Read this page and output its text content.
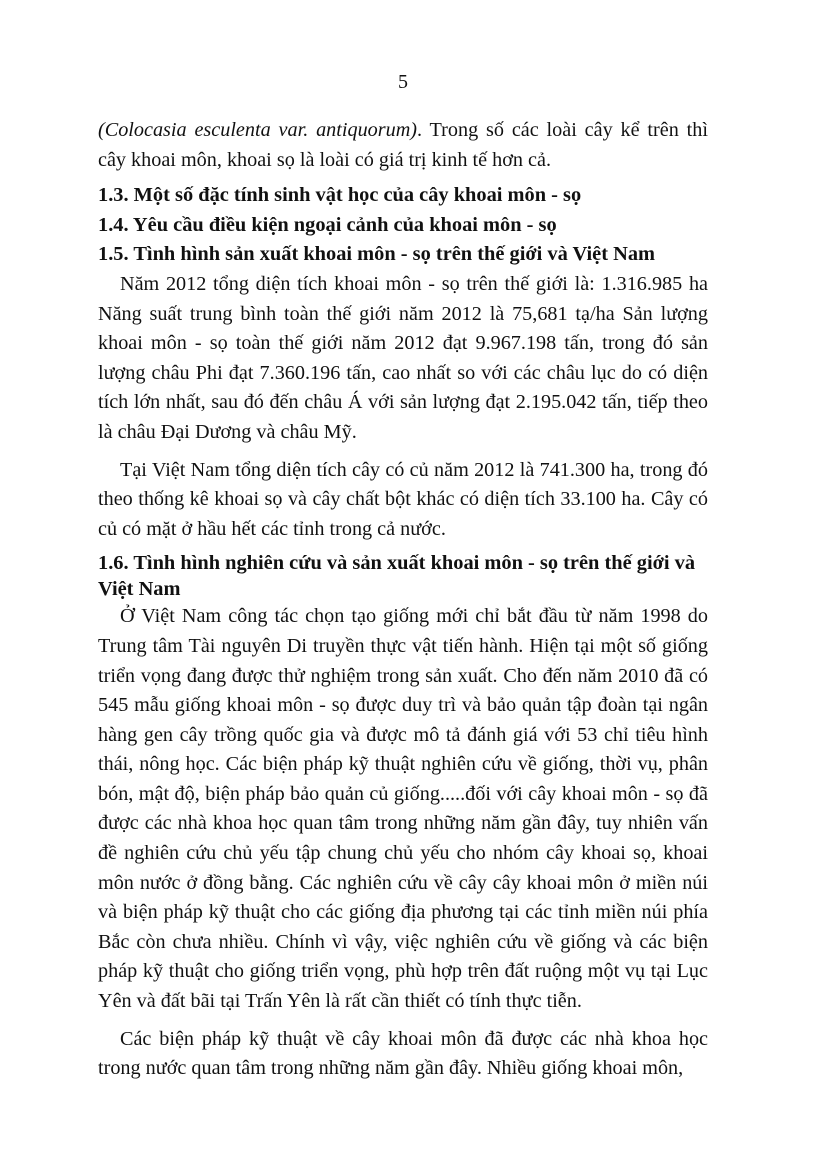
5

(Colocasia esculenta var. antiquorum). Trong số các loài cây kể trên thì cây khoai môn, khoai sọ là loài có giá trị kinh tế hơn cả.

1.3. Một số đặc tính sinh vật học của cây khoai môn - sọ
1.4. Yêu cầu điều kiện ngoại cảnh của khoai môn - sọ
1.5. Tình hình sản xuất khoai môn - sọ trên thế giới và Việt Nam

Năm 2012 tổng diện tích khoai môn - sọ trên thế giới là: 1.316.985 ha Năng suất trung bình toàn thế giới năm 2012 là 75,681 tạ/ha Sản lượng khoai môn - sọ toàn thế giới năm 2012 đạt 9.967.198 tấn, trong đó sản lượng châu Phi đạt 7.360.196 tấn, cao nhất so với các châu lục do có diện tích lớn nhất, sau đó đến châu Á với sản lượng đạt 2.195.042 tấn, tiếp theo là châu Đại Dương và châu Mỹ.

Tại Việt Nam tổng diện tích cây có củ năm 2012 là 741.300 ha, trong đó theo thống kê khoai sọ và cây chất bột khác có diện tích 33.100 ha. Cây có củ có mặt ở hầu hết các tỉnh trong cả nước.

1.6. Tình hình nghiên cứu và sản xuất khoai môn - sọ trên thế giới và Việt Nam

Ở Việt Nam công tác chọn tạo giống mới chỉ bắt đầu từ năm 1998 do Trung tâm Tài nguyên Di truyền thực vật tiến hành. Hiện tại một số giống triển vọng đang được thử nghiệm trong sản xuất. Cho đến năm 2010 đã có 545 mẫu giống khoai môn - sọ được duy trì và bảo quản tập đoàn tại ngân hàng gen cây trồng quốc gia và được mô tả đánh giá với 53 chỉ tiêu hình thái, nông học. Các biện pháp kỹ thuật nghiên cứu về giống, thời vụ, phân bón, mật độ, biện pháp bảo quản củ giống.....đối với cây khoai môn - sọ đã được các nhà khoa học quan tâm trong những năm gần đây, tuy nhiên vấn đề nghiên cứu chủ yếu tập chung chủ yếu cho nhóm cây khoai sọ, khoai môn nước ở đồng bằng. Các nghiên cứu về cây cây khoai môn ở miền núi và biện pháp kỹ thuật cho các giống địa phương tại các tỉnh miền núi phía Bắc còn chưa nhiều. Chính vì vậy, việc nghiên cứu về giống và các biện pháp kỹ thuật cho giống triển vọng, phù hợp trên đất ruộng một vụ tại Lục Yên và đất bãi tại Trấn Yên là rất cần thiết có tính thực tiễn.

Các biện pháp kỹ thuật về cây khoai môn đã được các nhà khoa học trong nước quan tâm trong những năm gần đây. Nhiều giống khoai môn,
